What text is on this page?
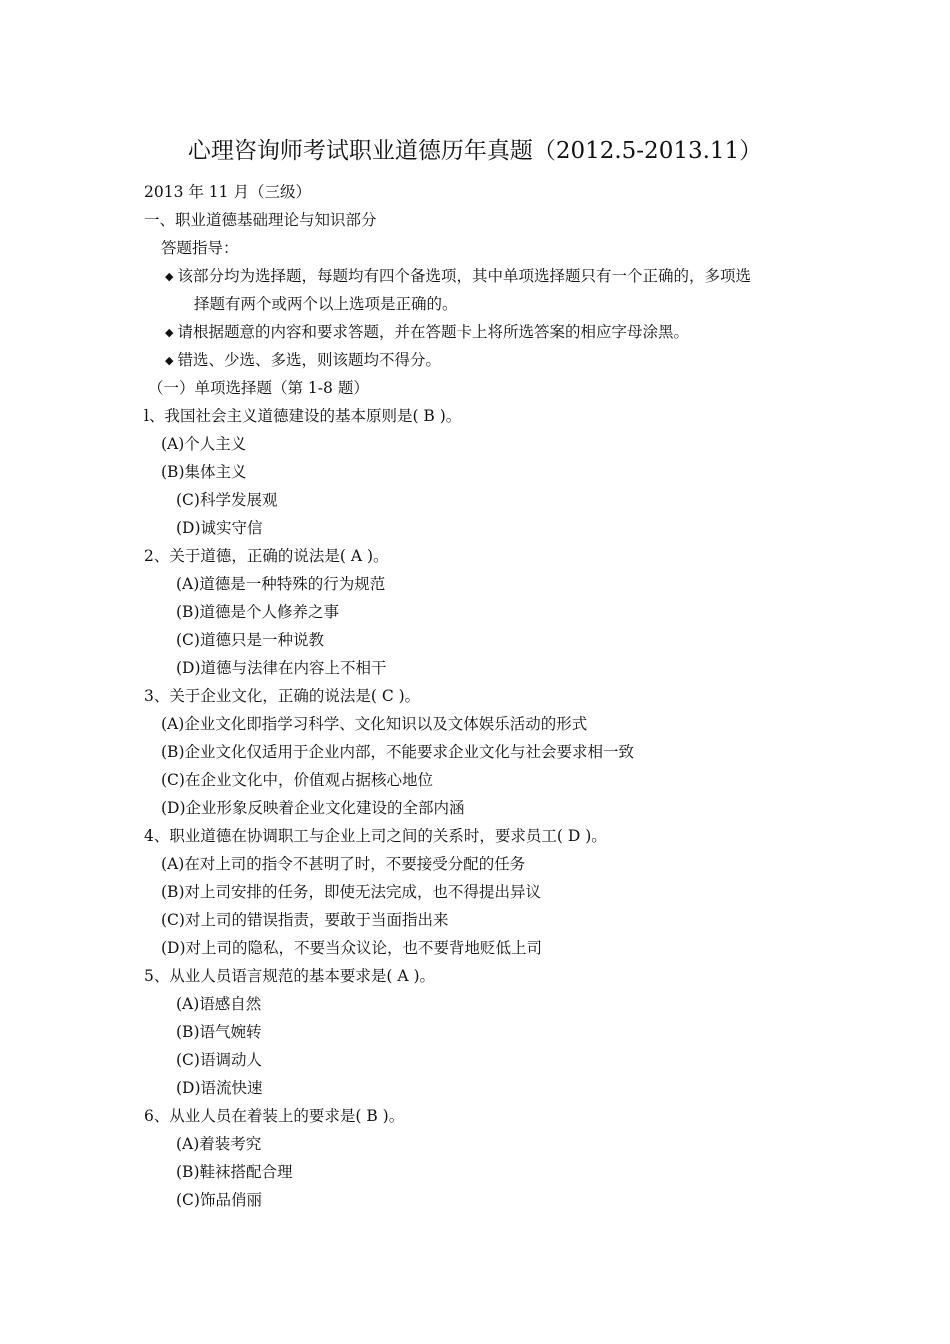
心理咨询师考试职业道德历年真题（2012.5-2013.11）
2013 年 11 月（三级）
一、职业道德基础理论与知识部分
答题指导：
◆ 该部分均为选择题，每题均有四个备选项，其中单项选择题只有一个正确的，多项选
择题有两个或两个以上选项是正确的。
◆ 请根据题意的内容和要求答题，并在答题卡上将所选答案的相应字母涂黑。
◆ 错选、少选、多选，则该题均不得分。
（一）单项选择题（第 1-8 题）
l、我国社会主义道德建设的基本原则是( B )。
(A)个人主义
(B)集体主义
(C)科学发展观
(D)诚实守信
2、关于道德，正确的说法是( A )。
(A)道德是一种特殊的行为规范
(B)道德是个人修养之事
(C)道德只是一种说教
(D)道德与法律在内容上不相干
3、关于企业文化，正确的说法是( C )。
(A)企业文化即指学习科学、文化知识以及文体娱乐活动的形式
(B)企业文化仅适用于企业内部，不能要求企业文化与社会要求相一致
(C)在企业文化中，价值观占据核心地位
(D)企业形象反映着企业文化建设的全部内涵
4、职业道德在协调职工与企业上司之间的关系时，要求员工( D )。
(A)在对上司的指令不甚明了时，不要接受分配的任务
(B)对上司安排的任务，即使无法完成，也不得提出异议
(C)对上司的错误指责，要敢于当面指出来
(D)对上司的隐私，不要当众议论，也不要背地贬低上司
5、从业人员语言规范的基本要求是( A )。
(A)语感自然
(B)语气婉转
(C)语调动人
(D)语流快速
6、从业人员在着装上的要求是( B )。
(A)着装考究
(B)鞋袜搭配合理
(C)饰品俏丽
